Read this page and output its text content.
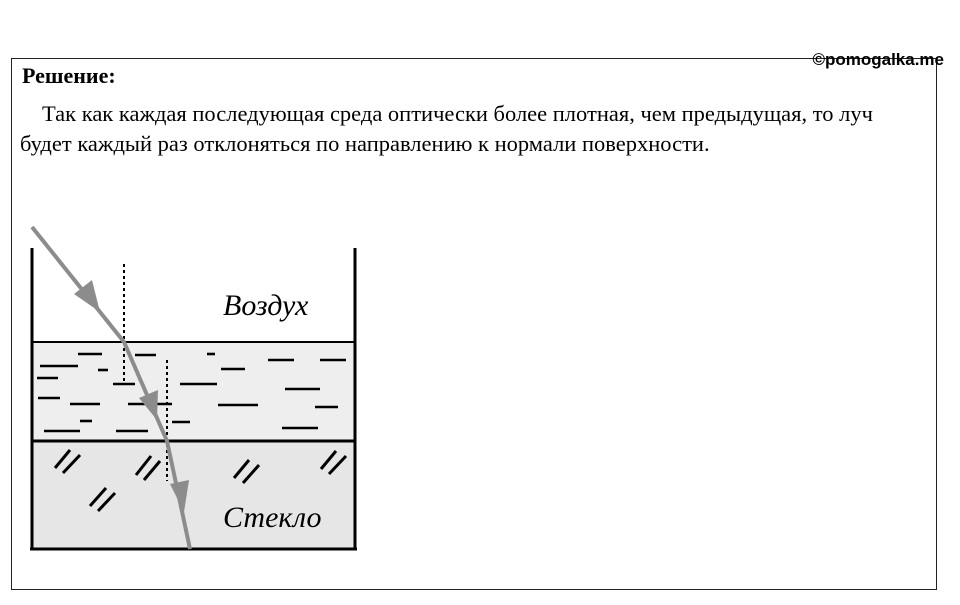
©pomogalka.me
Решение:
Так как каждая последующая среда оптически более плотная, чем предыдущая, то луч будет каждый раз отклоняться по направлению к нормали поверхности.
Воздух
Стекло
